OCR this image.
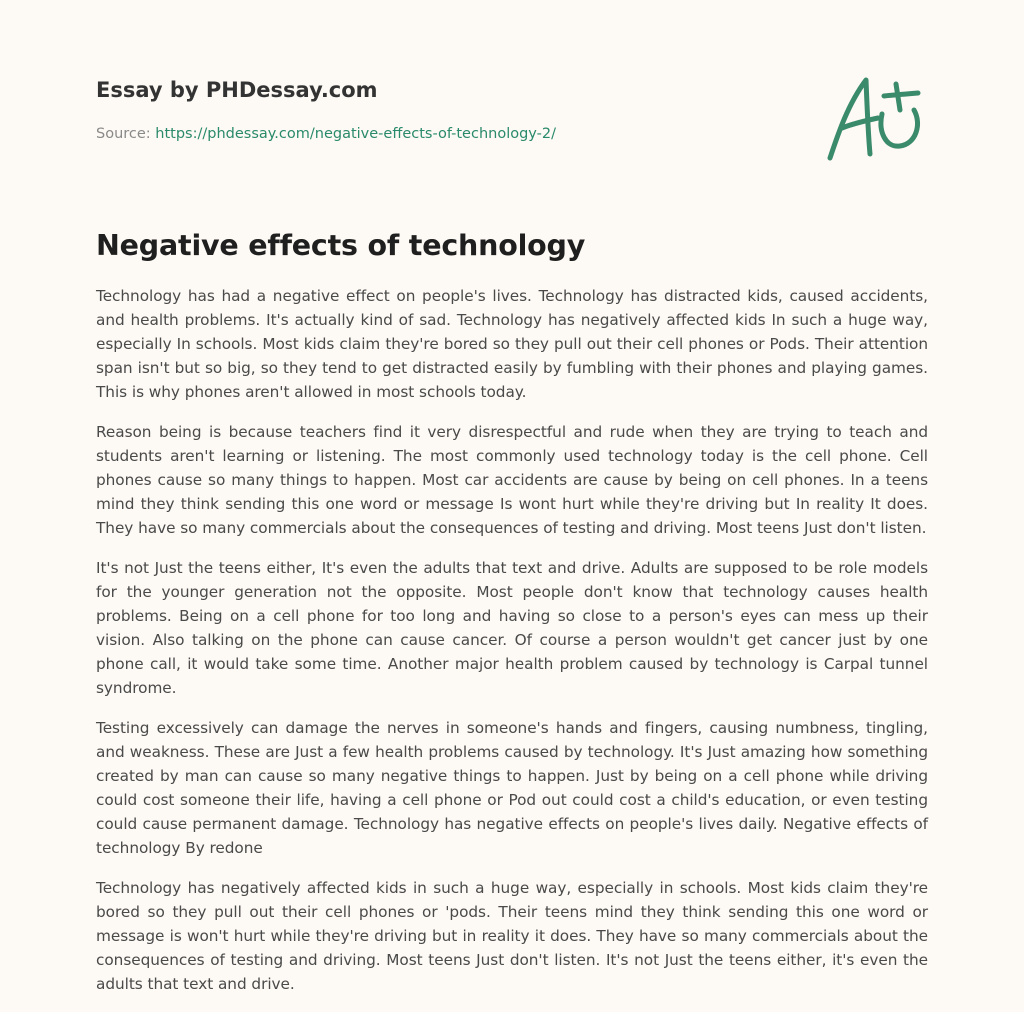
Essay by PHDessay.com
Source: https://phdessay.com/negative-effects-of-technology-2/
Negative effects of technology

Technology has had a negative effect on people's lives. Technology has distracted kids, caused accidents, and health problems. It's actually kind of sad. Technology has negatively affected kids In such a huge way, especially In schools. Most kids claim they're bored so they pull out their cell phones or Pods. Their attention span isn't but so big, so they tend to get distracted easily by fumbling with their phones and playing games. This is why phones aren't allowed in most schools today.

Reason being is because teachers find it very disrespectful and rude when they are trying to teach and students aren't learning or listening. The most commonly used technology today is the cell phone. Cell phones cause so many things to happen. Most car accidents are cause by being on cell phones. In a teens mind they think sending this one word or message Is wont hurt while they're driving but In reality It does. They have so many commercials about the consequences of testing and driving. Most teens Just don't listen.

It's not Just the teens either, It's even the adults that text and drive. Adults are supposed to be role models for the younger generation not the opposite. Most people don't know that technology causes health problems. Being on a cell phone for too long and having so close to a person's eyes can mess up their vision. Also talking on the phone can cause cancer. Of course a person wouldn't get cancer just by one phone call, it would take some time. Another major health problem caused by technology is Carpal tunnel syndrome.

Testing excessively can damage the nerves in someone's hands and fingers, causing numbness, tingling, and weakness. These are Just a few health problems caused by technology. It's Just amazing how something created by man can cause so many negative things to happen. Just by being on a cell phone while driving could cost someone their life, having a cell phone or Pod out could cost a child's education, or even testing could cause permanent damage. Technology has negative effects on people's lives daily. Negative effects of technology By redone

Technology has negatively affected kids in such a huge way, especially in schools. Most kids claim they're bored so they pull out their cell phones or 'pods. Their teens mind they think sending this one word or message is won't hurt while they're driving but in reality it does. They have so many commercials about the consequences of testing and driving. Most teens Just don't listen. It's not Just the teens either, it's even the adults that text and drive.
